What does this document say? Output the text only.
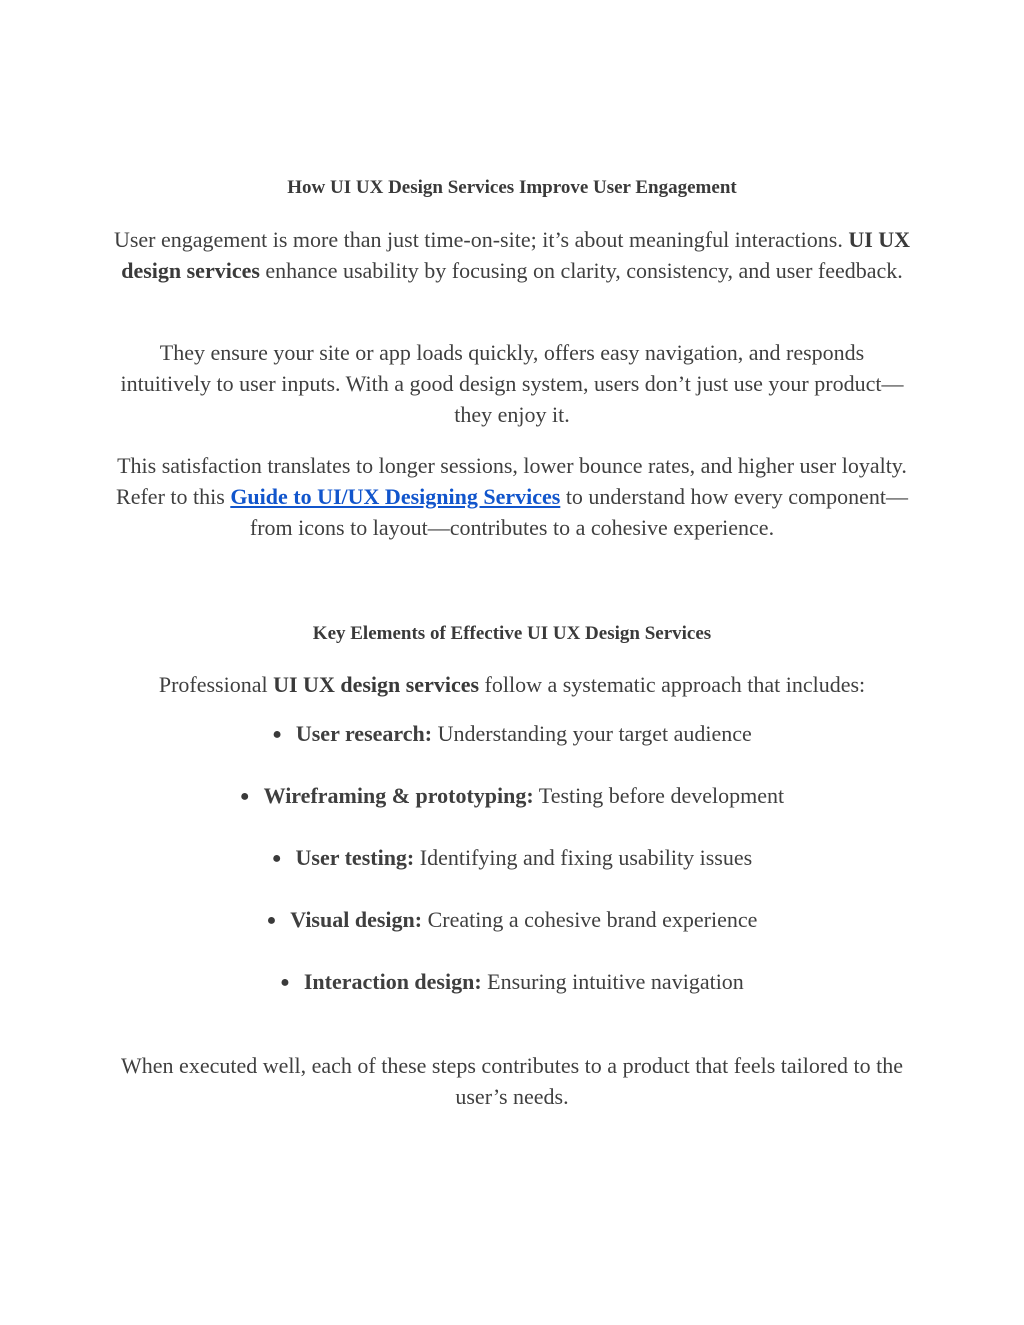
How UI UX Design Services Improve User Engagement
User engagement is more than just time-on-site; it’s about meaningful interactions. UI UX design services enhance usability by focusing on clarity, consistency, and user feedback.
They ensure your site or app loads quickly, offers easy navigation, and responds intuitively to user inputs. With a good design system, users don’t just use your product—they enjoy it.
This satisfaction translates to longer sessions, lower bounce rates, and higher user loyalty. Refer to this Guide to UI/UX Designing Services to understand how every component—from icons to layout—contributes to a cohesive experience.
Key Elements of Effective UI UX Design Services
Professional UI UX design services follow a systematic approach that includes:
● User research: Understanding your target audience
● Wireframing & prototyping: Testing before development
● User testing: Identifying and fixing usability issues
● Visual design: Creating a cohesive brand experience
● Interaction design: Ensuring intuitive navigation
When executed well, each of these steps contributes to a product that feels tailored to the user’s needs.
